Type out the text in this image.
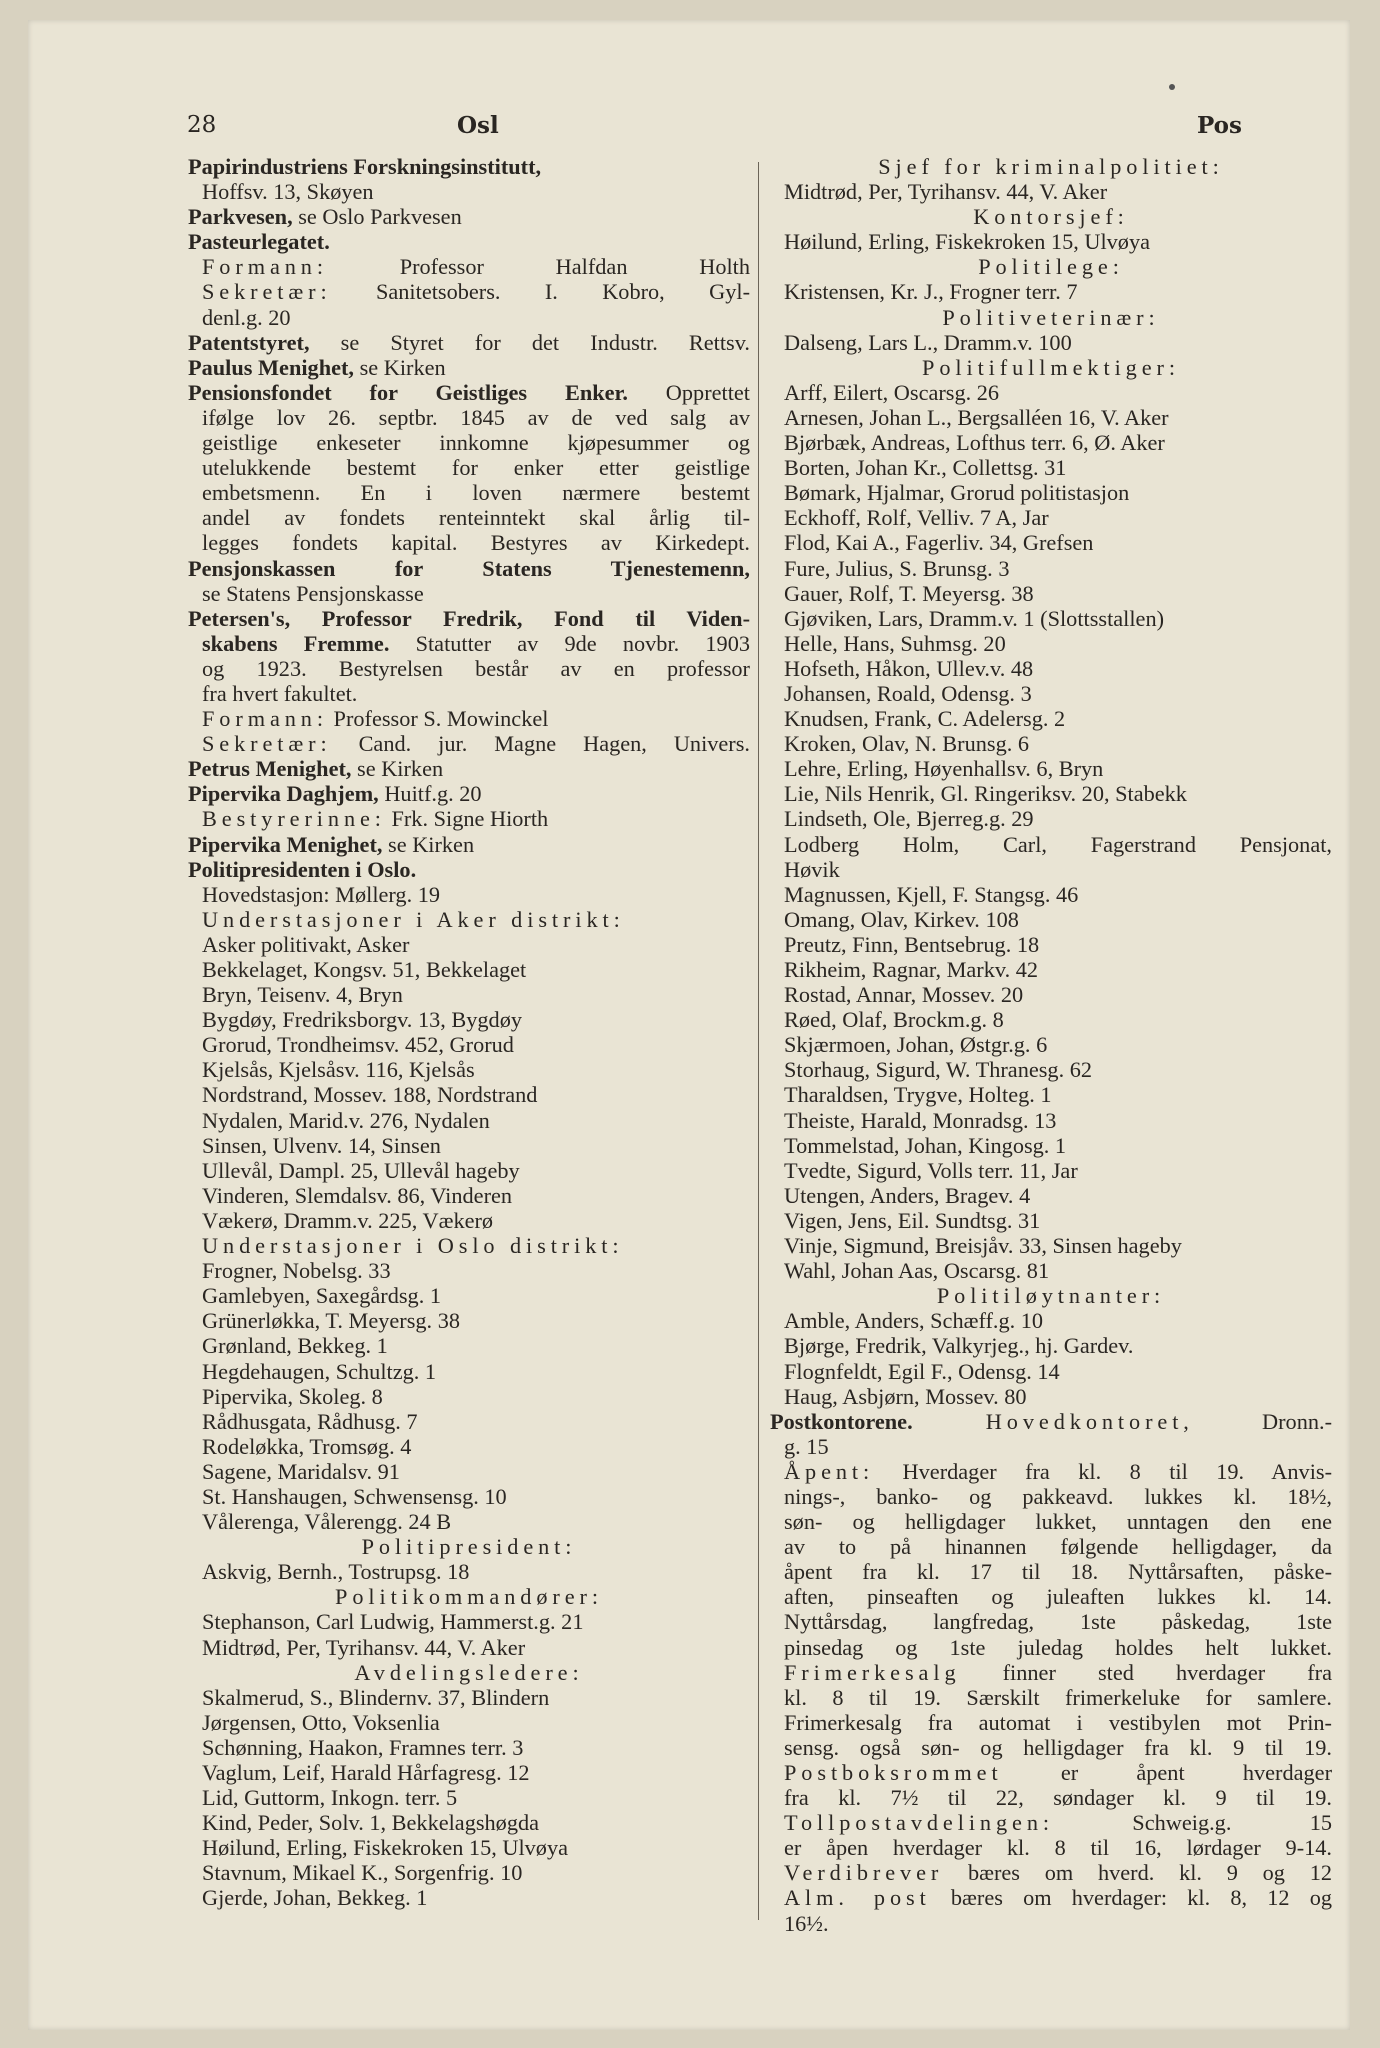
28	Osl	Pos
Papirindustriens Forskningsinstitutt,
Hoffsv. 13, Skøyen
Parkvesen, se Oslo Parkvesen
Pasteurlegatet.
Formann: Professor Halfdan Holth
Sekretær: Sanitetsobers. I. Kobro, Gyl-
denl.g. 20
Patentstyret, se Styret for det Industr. Rettsv.
Paulus Menighet, se Kirken
Pensionsfondet for Geistliges Enker. Opprettet
ifølge lov 26. septbr. 1845 av de ved salg av
geistlige enkeseter innkomne kjøpesummer og
utelukkende bestemt for enker etter geistlige
embetsmenn. En i loven nærmere bestemt
andel av fondets renteinntekt skal årlig til-
legges fondets kapital. Bestyres av Kirkedept.
Pensjonskassen for Statens Tjenestemenn,
se Statens Pensjonskasse
Petersen's, Professor Fredrik, Fond til Viden-
skabens Fremme. Statutter av 9de novbr. 1903
og 1923. Bestyrelsen består av en professor
fra hvert fakultet.
Formann: Professor S. Mowinckel
Sekretær: Cand. jur. Magne Hagen, Univers.
Petrus Menighet, se Kirken
Pipervika Daghjem, Huitf.g. 20
Bestyrerinne: Frk. Signe Hiorth
Pipervika Menighet, se Kirken
Politipresidenten i Oslo.
Hovedstasjon: Møllerg. 19
Understasjoner i Aker distrikt:
Asker politivakt, Asker
Bekkelaget, Kongsv. 51, Bekkelaget
Bryn, Teisenv. 4, Bryn
Bygdøy, Fredriksborgv. 13, Bygdøy
Grorud, Trondheimsv. 452, Grorud
Kjelsås, Kjelsåsv. 116, Kjelsås
Nordstrand, Mossev. 188, Nordstrand
Nydalen, Marid.v. 276, Nydalen
Sinsen, Ulvenv. 14, Sinsen
Ullevål, Dampl. 25, Ullevål hageby
Vinderen, Slemdalsv. 86, Vinderen
Vækerø, Dramm.v. 225, Vækerø
Understasjoner i Oslo distrikt:
Frogner, Nobelsg. 33
Gamlebyen, Saxegårdsg. 1
Grünerløkka, T. Meyersg. 38
Grønland, Bekkeg. 1
Hegdehaugen, Schultzg. 1
Pipervika, Skoleg. 8
Rådhusgata, Rådhusg. 7
Rodeløkka, Tromsøg. 4
Sagene, Maridalsv. 91
St. Hanshaugen, Schwensensg. 10
Vålerenga, Vålerengg. 24 B
Politipresident:
Askvig, Bernh., Tostrupsg. 18
Politikommandører:
Stephanson, Carl Ludwig, Hammerst.g. 21
Midtrød, Per, Tyrihansv. 44, V. Aker
Avdelingsledere:
Skalmerud, S., Blindernv. 37, Blindern
Jørgensen, Otto, Voksenlia
Schønning, Haakon, Framnes terr. 3
Vaglum, Leif, Harald Hårfagresg. 12
Lid, Guttorm, Inkogn. terr. 5
Kind, Peder, Solv. 1, Bekkelagshøgda
Høilund, Erling, Fiskekroken 15, Ulvøya
Stavnum, Mikael K., Sorgenfrig. 10
Gjerde, Johan, Bekkeg. 1
Sjef for kriminalpolitiet:
Midtrød, Per, Tyrihansv. 44, V. Aker
Kontorsjef:
Høilund, Erling, Fiskekroken 15, Ulvøya
Politilege:
Kristensen, Kr. J., Frogner terr. 7
Politiveterinær:
Dalseng, Lars L., Dramm.v. 100
Politifullmektiger:
Arff, Eilert, Oscarsg. 26
Arnesen, Johan L., Bergsalléen 16, V. Aker
Bjørbæk, Andreas, Lofthus terr. 6, Ø. Aker
Borten, Johan Kr., Collettsg. 31
Bømark, Hjalmar, Grorud politistasjon
Eckhoff, Rolf, Velliv. 7 A, Jar
Flod, Kai A., Fagerliv. 34, Grefsen
Fure, Julius, S. Brunsg. 3
Gauer, Rolf, T. Meyersg. 38
Gjøviken, Lars, Dramm.v. 1 (Slottsstallen)
Helle, Hans, Suhmsg. 20
Hofseth, Håkon, Ullev.v. 48
Johansen, Roald, Odensg. 3
Knudsen, Frank, C. Adelersg. 2
Kroken, Olav, N. Brunsg. 6
Lehre, Erling, Høyenhallsv. 6, Bryn
Lie, Nils Henrik, Gl. Ringeriksv. 20, Stabekk
Lindseth, Ole, Bjerreg.g. 29
Lodberg Holm, Carl, Fagerstrand Pensjonat,
Høvik
Magnussen, Kjell, F. Stangsg. 46
Omang, Olav, Kirkev. 108
Preutz, Finn, Bentsebrug. 18
Rikheim, Ragnar, Markv. 42
Rostad, Annar, Mossev. 20
Røed, Olaf, Brockm.g. 8
Skjærmoen, Johan, Østgr.g. 6
Storhaug, Sigurd, W. Thranesg. 62
Tharaldsen, Trygve, Holteg. 1
Theiste, Harald, Monradsg. 13
Tommelstad, Johan, Kingosg. 1
Tvedte, Sigurd, Volls terr. 11, Jar
Utengen, Anders, Bragev. 4
Vigen, Jens, Eil. Sundtsg. 31
Vinje, Sigmund, Breisjåv. 33, Sinsen hageby
Wahl, Johan Aas, Oscarsg. 81
Politiløytnanter:
Amble, Anders, Schæff.g. 10
Bjørge, Fredrik, Valkyrjeg., hj. Gardev.
Flognfeldt, Egil F., Odensg. 14
Haug, Asbjørn, Mossev. 80
Postkontorene. Hovedkontoret, Dronn.-
g. 15
Åpent: Hverdager fra kl. 8 til 19. Anvis-
nings-, banko- og pakkeavd. lukkes kl. 18½,
søn- og helligdager lukket, unntagen den ene
av to på hinannen følgende helligdager, da
åpent fra kl. 17 til 18. Nyttårsaften, påske-
aften, pinseaften og juleaften lukkes kl. 14.
Nyttårsdag, langfredag, 1ste påskedag, 1ste
pinsedag og 1ste juledag holdes helt lukket.
Frimerkesalg finner sted hverdager fra
kl. 8 til 19. Særskilt frimerkeluke for samlere.
Frimerkesalg fra automat i vestibylen mot Prin-
sensg. også søn- og helligdager fra kl. 9 til 19.
Postboksrommet er åpent hverdager
fra kl. 7½ til 22, søndager kl. 9 til 19.
Tollpostavdelingen: Schweig.g. 15
er åpen hverdager kl. 8 til 16, lørdager 9-14.
Verdibrever bæres om hverd. kl. 9 og 12
Alm. post bæres om hverdager: kl. 8, 12 og
16½.
